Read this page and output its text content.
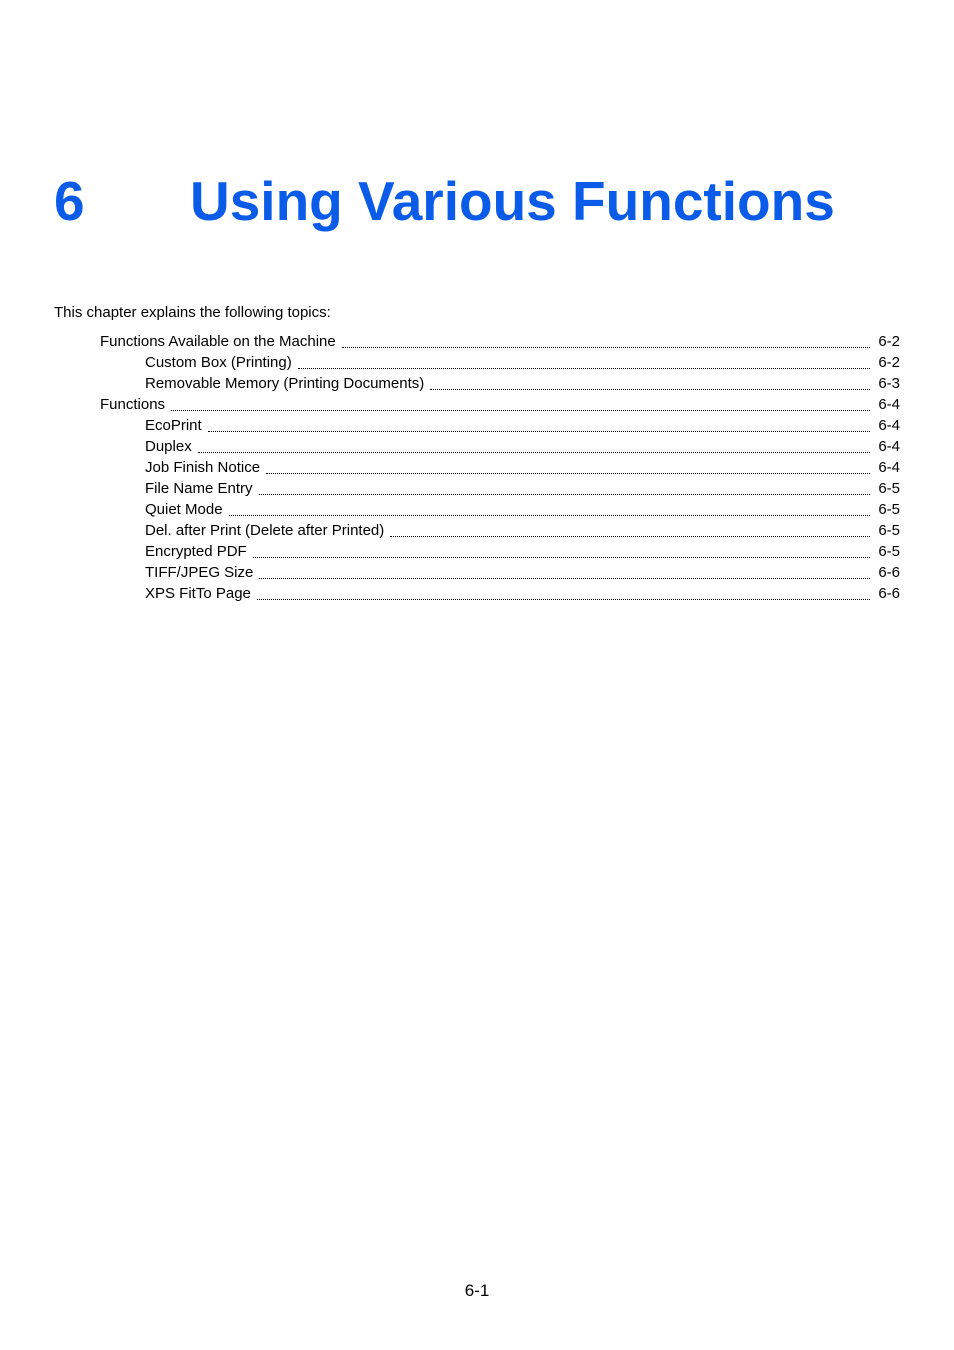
6 Using Various Functions
This chapter explains the following topics:
Functions Available on the Machine	6-2
Custom Box (Printing)	6-2
Removable Memory (Printing Documents)	6-3
Functions	6-4
EcoPrint	6-4
Duplex	6-4
Job Finish Notice	6-4
File Name Entry	6-5
Quiet Mode	6-5
Del. after Print (Delete after Printed)	6-5
Encrypted PDF	6-5
TIFF/JPEG Size	6-6
XPS FitTo Page	6-6
6-1
